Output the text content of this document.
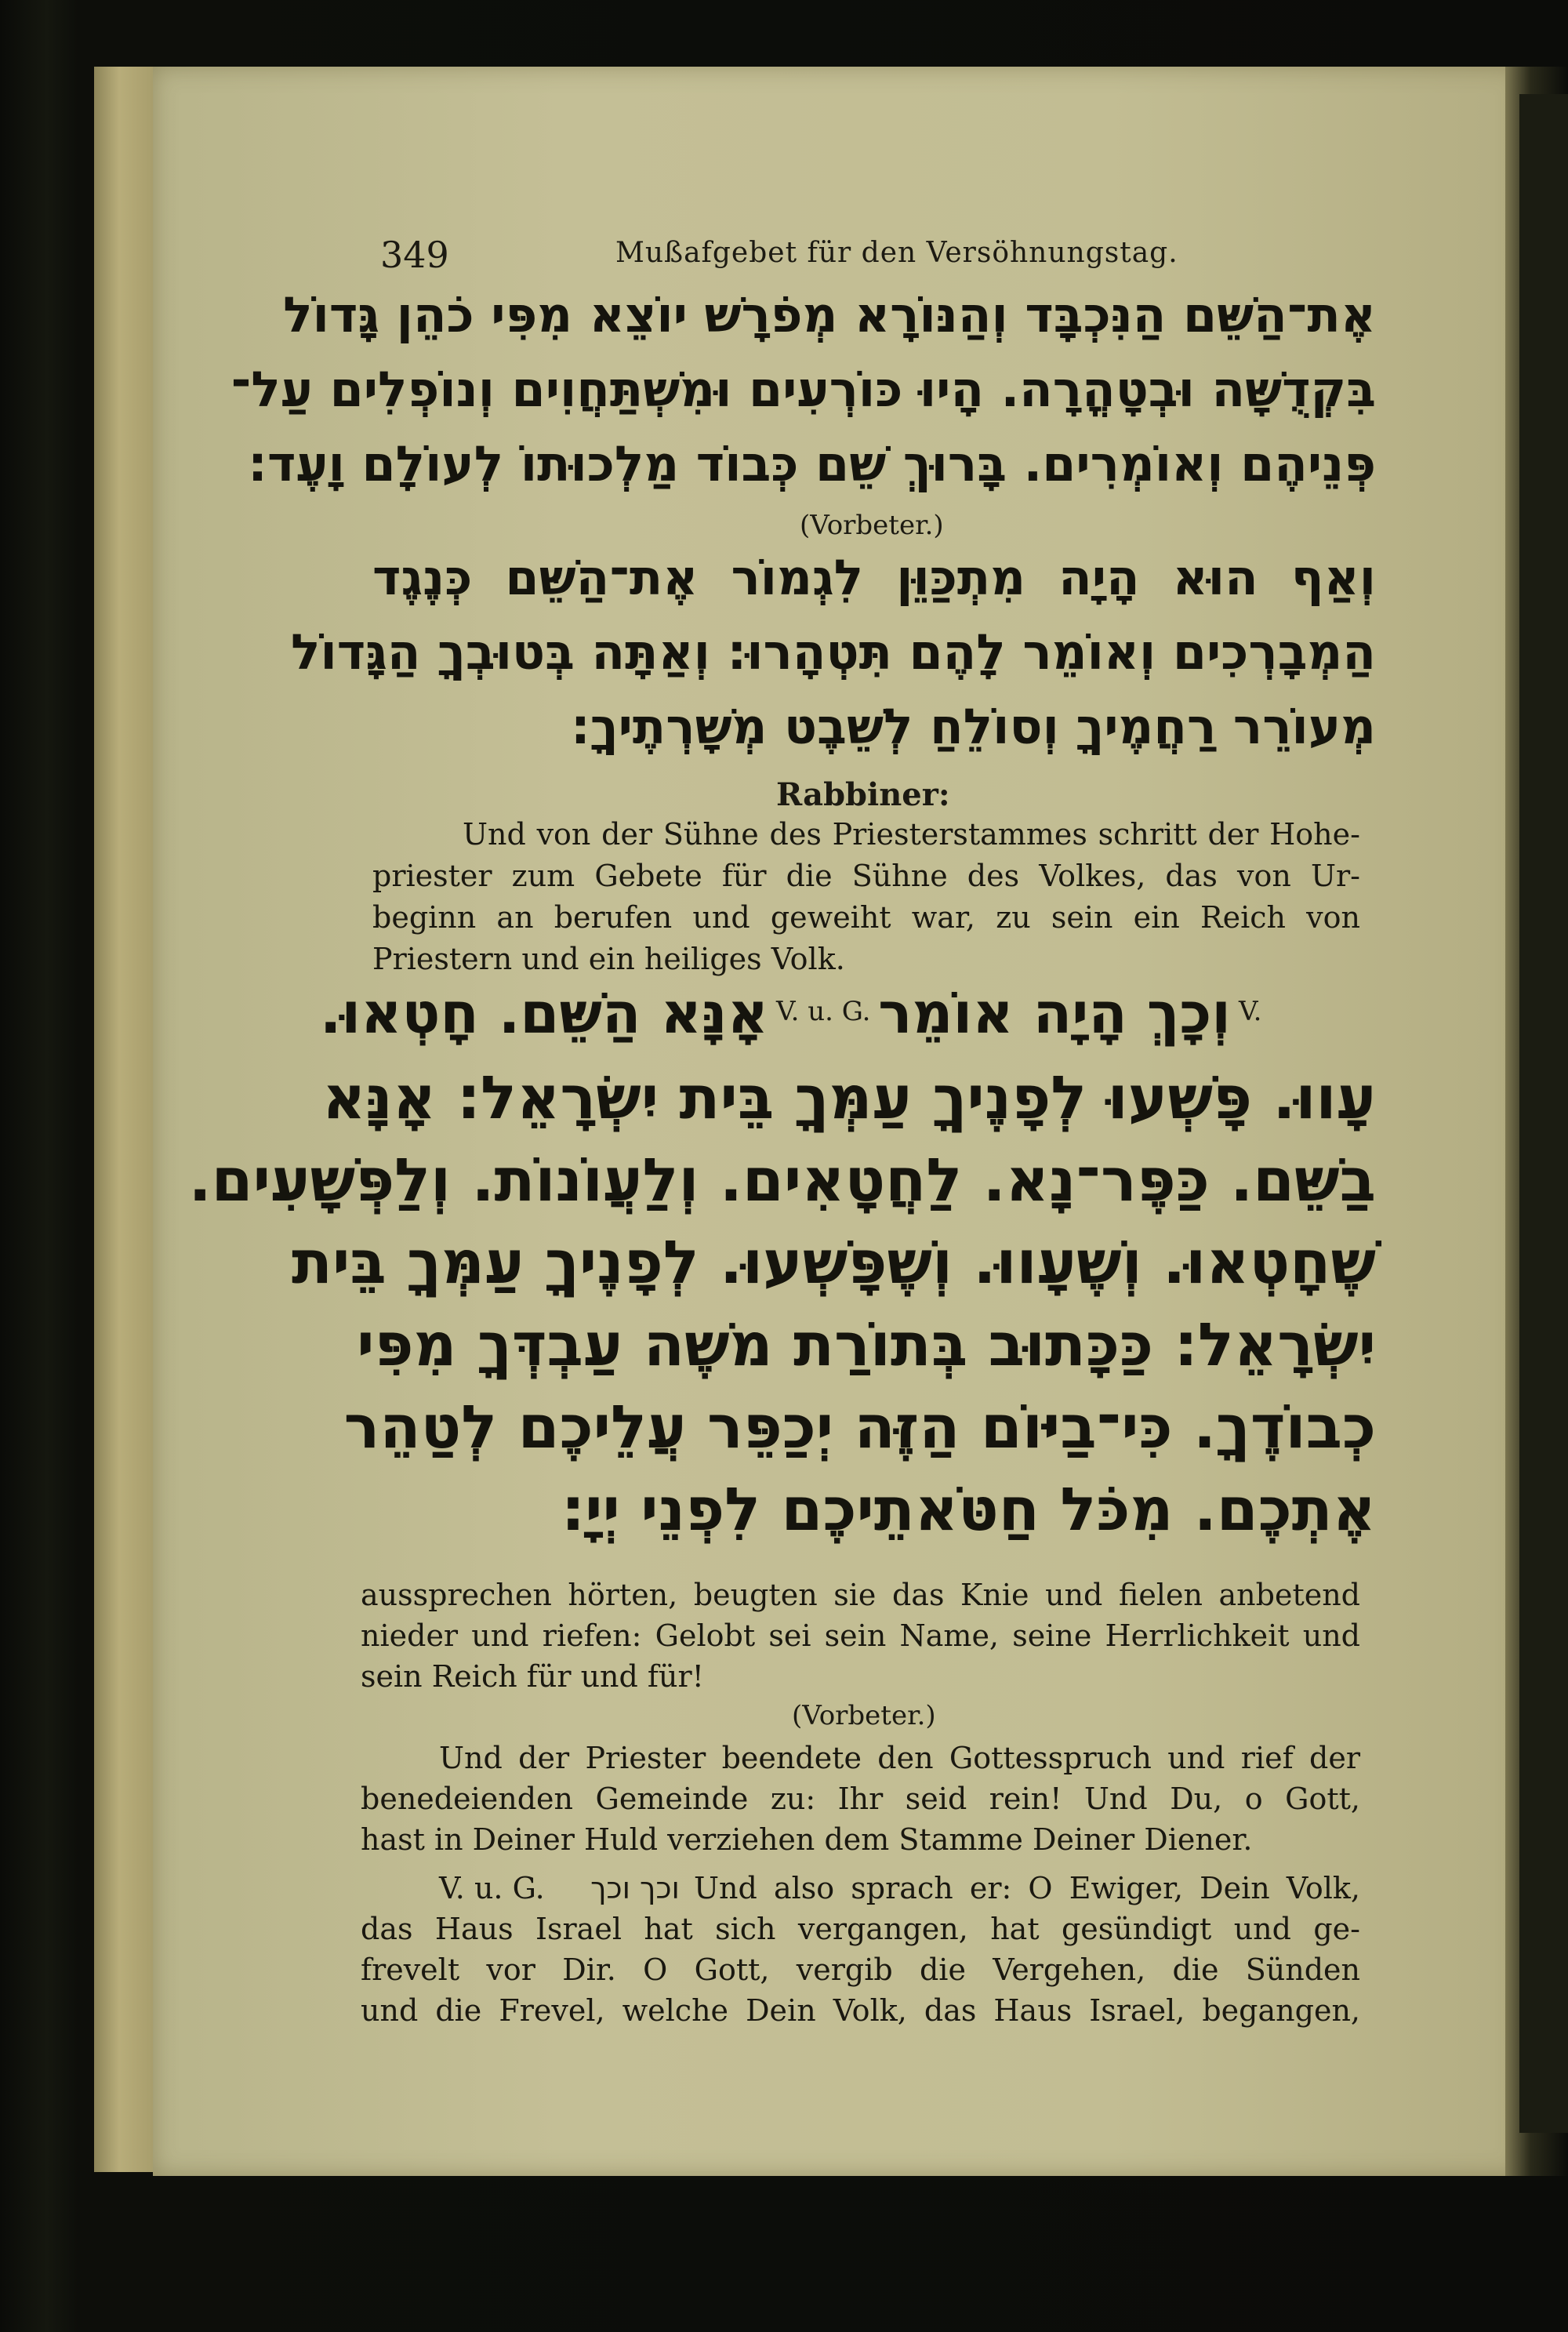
349	Mußafgebet für den Versöhnungstag.
אֶת־הַשֵּׁם הַנִּכְבָּד וְהַנּוֹרָא מְפֹרָשׁ יוֹצֵא מִפִּי כֹהֵן גָּדוֹל
בִּקְדֻשָּׁה וּבְטָהֳרָה. הָיוּ כּוֹרְעִים וּמִשְׁתַּחֲוִים וְנוֹפְלִים עַל־
פְּנֵיהֶם וְאוֹמְרִים. בָּרוּךְ שֵׁם כְּבוֹד מַלְכוּתוֹ לְעוֹלָם וָעֶד:
(Vorbeter.)
וְאַף הוּא הָיָה מִתְכַּוֵּן לִגְמוֹר אֶת־הַשֵּׁם כְּנֶגֶד
הַמְבָרְכִים וְאוֹמֵר לָהֶם תִּטְהָרוּ: וְאַתָּה בְּטוּבְךָ הַגָּדוֹל
מְעוֹרֵר רַחֲמֶיךָ וְסוֹלֵחַ לְשֵׁבֶט מְשָׁרְתֶיךָ:
Rabbiner:
Und von der Sühne des Priesterstammes schritt der Hohe-
priester zum Gebete für die Sühne des Volkes, das von Ur-
beginn an berufen und geweiht war, zu sein ein Reich von
Priestern und ein heiliges Volk.
V.
וְכָךְ הָיָה אוֹמֵר
V. u. G.
אָנָּא הַשֵּׁם. חָטְאוּ.
עָווּ. פָּשְׁעוּ לְפָנֶיךָ עַמְּךָ בֵּית יִשְׂרָאֵל: אָנָּא
בַשֵּׁם. כַּפֶּר־נָא. לַחֲטָאִים. וְלַעֲוֹנוֹת. וְלַפְּשָׁעִים.
שֶׁחָטְאוּ. וְשֶׁעָווּ. וְשֶׁפָּשְׁעוּ. לְפָנֶיךָ עַמְּךָ בֵּית
יִשְׂרָאֵל: כַּכָּתוּב בְּתוֹרַת משֶׁה עַבְדְּךָ מִפִּי
כְבוֹדֶךָ. כִּי־בַיּוֹם הַזֶּה יְכַפֵּר עֲלֵיכֶם לְטַהֵר
אֶתְכֶם. מִכֹּל חַטֹּאתֵיכֶם לִפְנֵי יְיָ:
aussprechen hörten, beugten sie das Knie und fielen anbetend
nieder und riefen: Gelobt sei sein Name, seine Herrlichkeit und
sein Reich für und für!
(Vorbeter.)
Und der Priester beendete den Gottesspruch und rief der
benedeienden Gemeinde zu: Ihr seid rein! Und Du, o Gott,
hast in Deiner Huld verziehen dem Stamme Deiner Diener.
V. u. G.	וכך וכך Und also sprach er: O Ewiger, Dein Volk,
das Haus Israel hat sich vergangen, hat gesündigt und ge-
frevelt vor Dir. O Gott, vergib die Vergehen, die Sünden
und die Frevel, welche Dein Volk, das Haus Israel, begangen,
